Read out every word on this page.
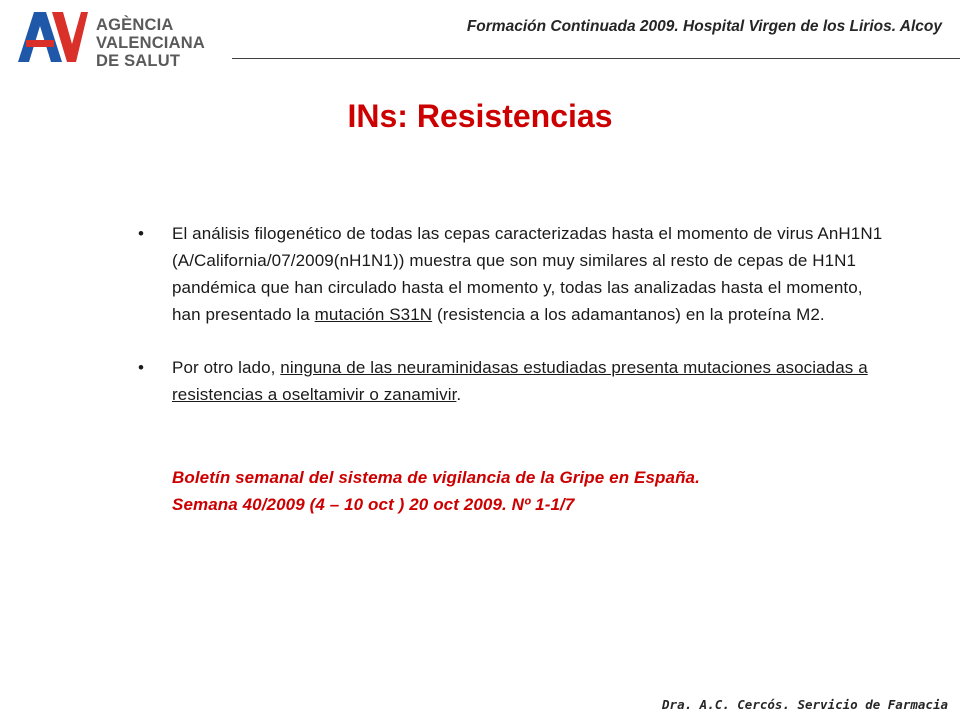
AGÈNCIA
VALENCIANA
DE SALUT
Formación Continuada 2009. Hospital Virgen de los Lirios. Alcoy
INs: Resistencias
• El análisis filogenético de todas las cepas caracterizadas hasta el momento de virus AnH1N1 (A/California/07/2009(nH1N1)) muestra que son muy similares al resto de cepas de H1N1 pandémica que han circulado hasta el momento y, todas las analizadas hasta el momento, han presentado la mutación S31N (resistencia a los adamantanos) en la proteína M2.
• Por otro lado, ninguna de las neuraminidasas estudiadas presenta mutaciones asociadas a resistencias a oseltamivir o zanamivir.
Boletín semanal del sistema de vigilancia de la Gripe en España.
Semana 40/2009 (4 – 10 oct ) 20 oct 2009. Nº 1-1/7
Dra. A.C. Cercós. Servicio de Farmacia
